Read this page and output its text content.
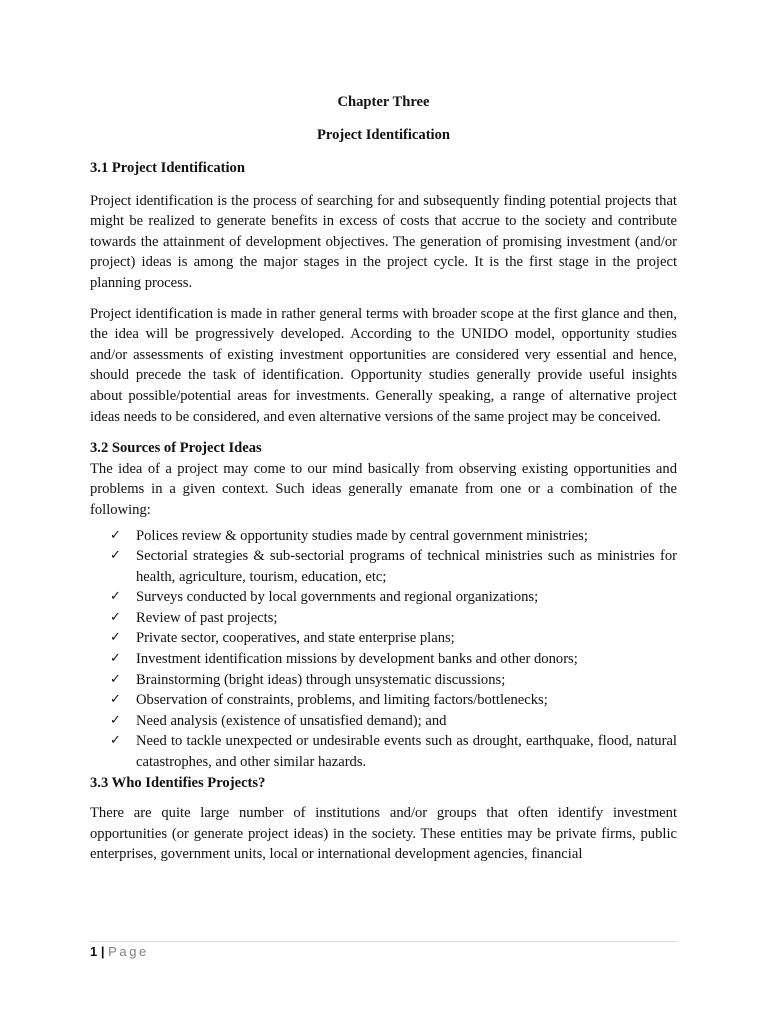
Chapter Three
Project Identification
3.1 Project Identification

Project identification is the process of searching for and subsequently finding potential projects that might be realized to generate benefits in excess of costs that accrue to the society and contribute towards the attainment of development objectives. The generation of promising investment (and/or project) ideas is among the major stages in the project cycle. It is the first stage in the project planning process.

Project identification is made in rather general terms with broader scope at the first glance and then, the idea will be progressively developed. According to the UNIDO model, opportunity studies and/or assessments of existing investment opportunities are considered very essential and hence, should precede the task of identification. Opportunity studies generally provide useful insights about possible/potential areas for investments. Generally speaking, a range of alternative project ideas needs to be considered, and even alternative versions of the same project may be conceived.

3.2 Sources of Project Ideas

The idea of a project may come to our mind basically from observing existing opportunities and problems in a given context. Such ideas generally emanate from one or a combination of the following:

✓ Polices review & opportunity studies made by central government ministries;
✓ Sectorial strategies & sub-sectorial programs of technical ministries such as ministries for health, agriculture, tourism, education, etc;
✓ Surveys conducted by local governments and regional organizations;
✓ Review of past projects;
✓ Private sector, cooperatives, and state enterprise plans;
✓ Investment identification missions by development banks and other donors;
✓ Brainstorming (bright ideas) through unsystematic discussions;
✓ Observation of constraints, problems, and limiting factors/bottlenecks;
✓ Need analysis (existence of unsatisfied demand); and
✓ Need to tackle unexpected or undesirable events such as drought, earthquake, flood, natural catastrophes, and other similar hazards.
3.3 Who Identifies Projects?

There are quite large number of institutions and/or groups that often identify investment opportunities (or generate project ideas) in the society. These entities may be private firms, public enterprises, government units, local or international development agencies, financial

1 | Page
